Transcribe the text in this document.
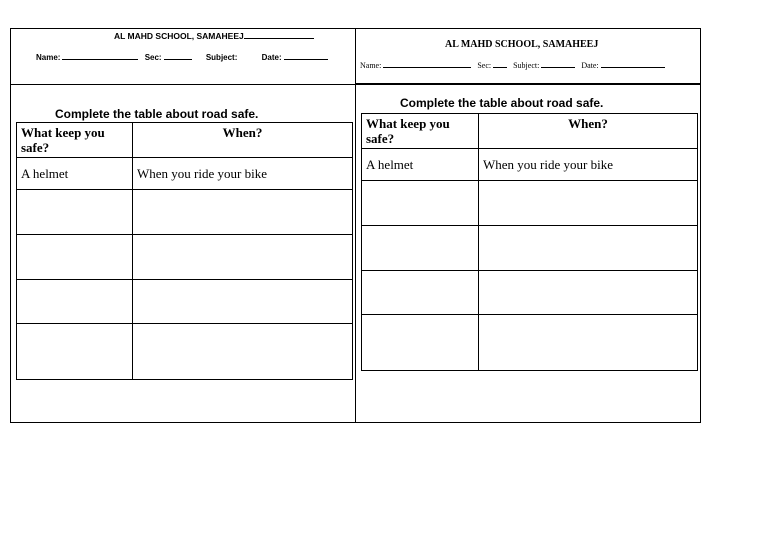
AL MAHD SCHOOL, SAMAHEEJ
Name:	Sec:	Subject:	Date:
AL MAHD SCHOOL, SAMAHEEJ
Name:	Sec:	Subject:	Date:
Complete the table about road safe.
What keep you safe?	When?
A helmet	When you ride your bike

Complete the table about road safe.
What keep you safe?	When?
A helmet	When you ride your bike
